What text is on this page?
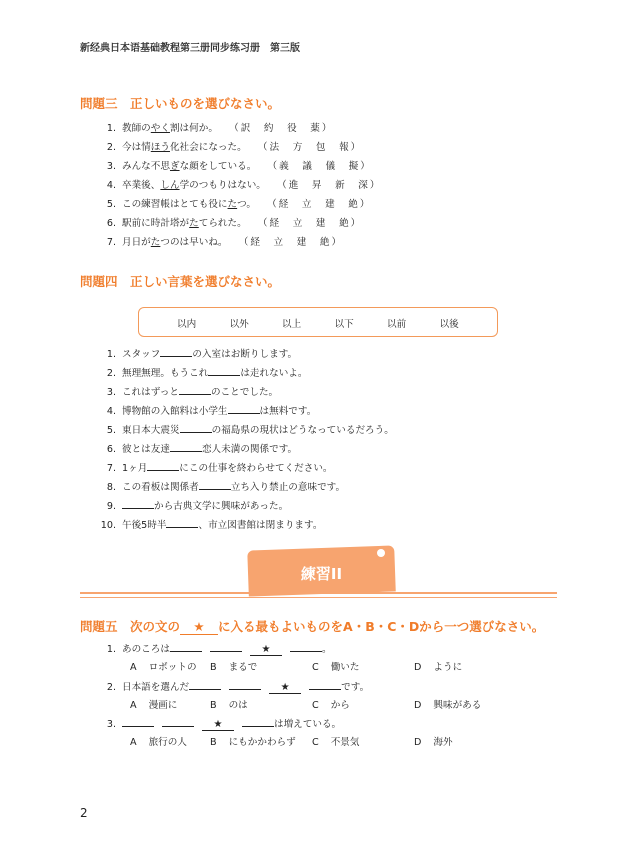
新经典日本语基础教程第三册同步练习册　第三版
問題三　正しいものを選びなさい。
問題四　正しい言葉を選びなさい。
以内	以外	以上	以下	以前	以後
練習II
問題五　次の文の ★ に入る最もよいものをA・B・C・Dから一つ選びなさい。
2
1. 教師のやく割は何か。 （訳　約　役　薬）
2. 今は情ほう化社会になった。 （法　方　包　報）
3. みんな不思ぎな顔をしている。 （義　議　儀　擬）
4. 卒業後、しん学のつもりはない。 （進　昇　新　深）
5. この練習帳はとても役にたつ。 （経　立　建　絶）
6. 駅前に時計塔がたてられた。 （経　立　建　絶）
7. 月日がたつのは早いね。 （経　立　建　絶）
1. スタッフ	の入室はお断りします。
2. 無理無理。もうこれ	は走れないよ。
3. これはずっと	のことでした。
4. 博物館の入館料は小学生	は無料です。
5. 東日本大震災	の福島県の現状はどうなっているだろう。
6. 彼とは友達	恋人未満の関係です。
7. 1ヶ月	にこの仕事を終わらせてください。
8. この看板は関係者	立ち入り禁止の意味です。
9.	から古典文学に興味があった。
10. 午後5時半	、市立図書館は閉まります。
1. あのころは	★	。
A ロボットの B まるで	C 働いた	D ように
2. 日本語を選んだ	★	です。
A 漫画に	B のは	C から	D 興味がある
3.	★	は増えている。
A 旅行の人 B にもかかわらず C 不景気	D 海外
